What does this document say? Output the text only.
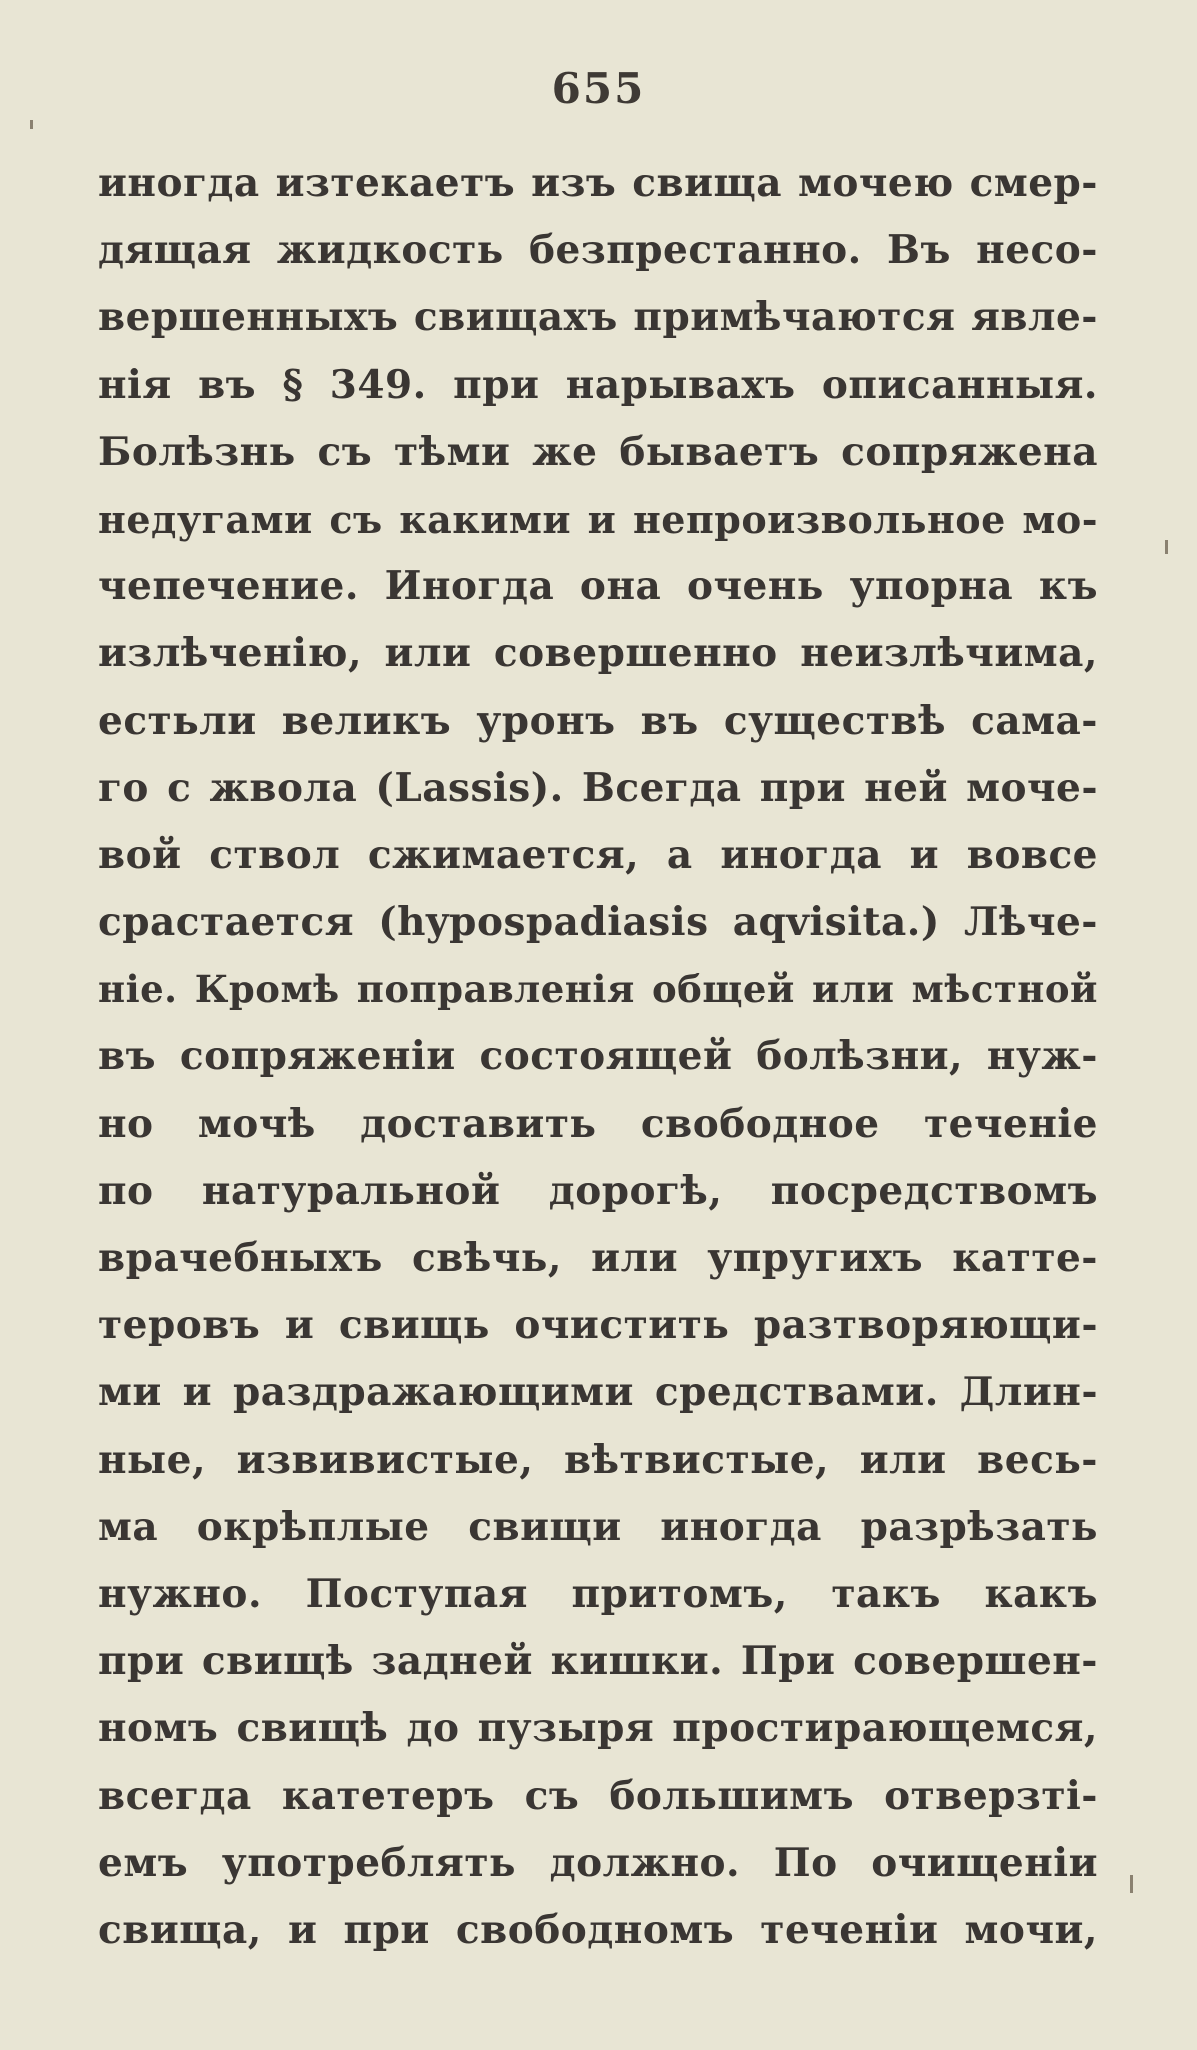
655
иногда изтекаетъ изъ свища мочею смер-
дящая жидкость безпрестанно. Въ несо-
вершенныхъ свищахъ примѣчаются явле-
нія въ § 349. при нарывахъ описанныя.
Болѣзнь съ тѣми же бываетъ сопряжена
недугами съ какими и непроизвольное мо-
чепечение. Иногда она очень упорна къ
излѣченію, или совершенно неизлѣчима,
естьли великъ уронъ въ существѣ сама-
го с жвола (Lassis). Всегда при ней моче-
вой ствол сжимается, а иногда и вовсе
срастается (hypospadiasis aqvisita.) Лѣче-
ніе. Кромѣ поправленія общей или мѣстной
въ сопряженіи состоящей болѣзни, нуж-
но мочѣ доставить свободное теченіе
по натуральной дорогѣ, посредствомъ
врачебныхъ свѣчь, или упругихъ катте-
теровъ и свищь очистить разтворяющи-
ми и раздражающими средствами. Длин-
ные, извивистые, вѣтвистые, или весь-
ма окрѣплые свищи иногда разрѣзать
нужно. Поступая притомъ, такъ какъ
при свищѣ задней кишки. При совершен-
номъ свищѣ до пузыря простирающемся,
всегда катетеръ съ большимъ отверзті-
емъ употреблять должно. По очищеніи
свища, и при свободномъ теченіи мочи,
